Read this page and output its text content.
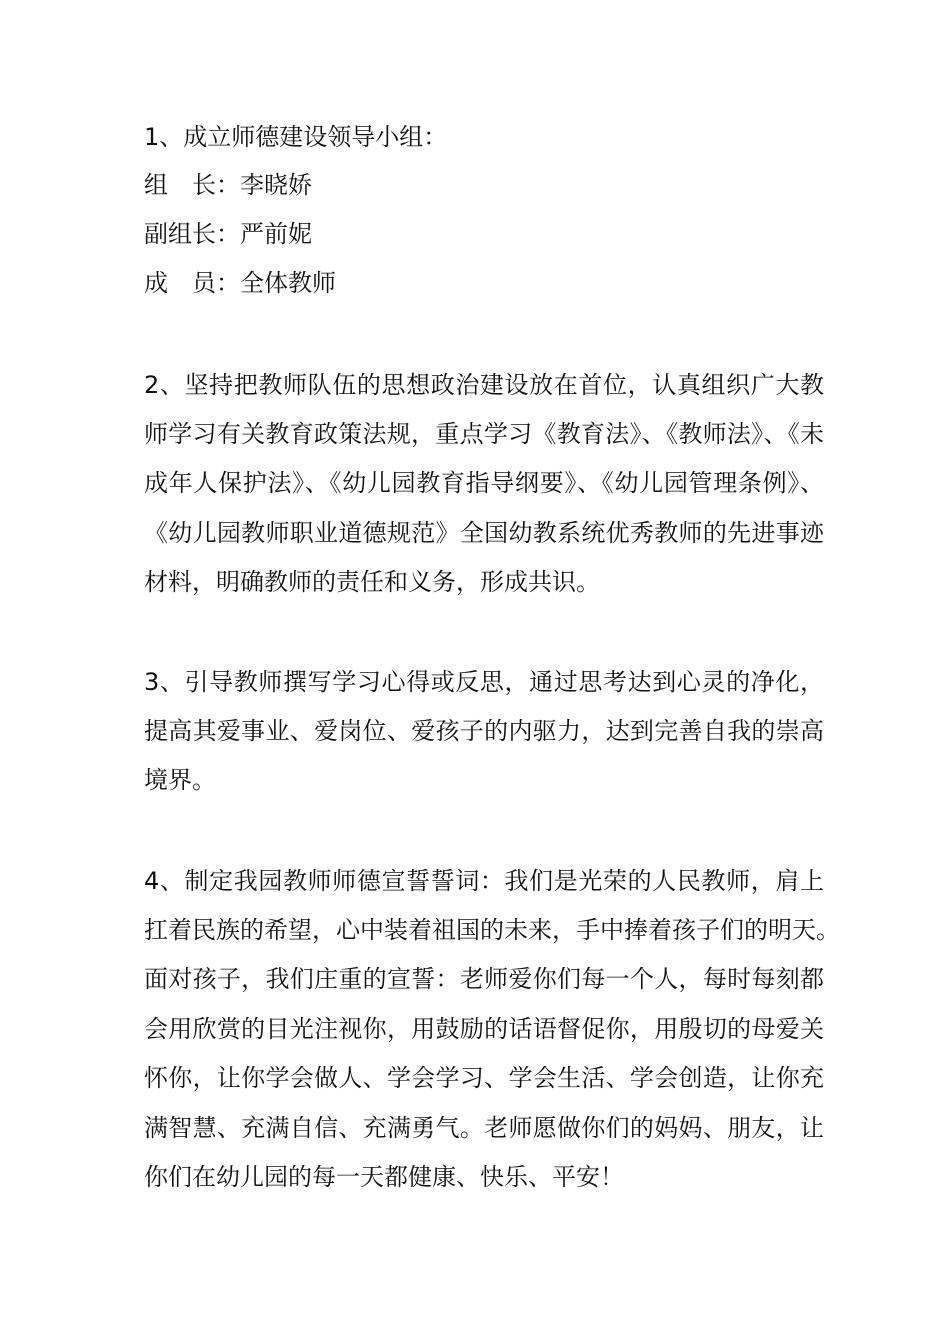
1、成立师德建设领导小组：
组　长：李晓娇
副组长：严前妮
成　员：全体教师
2、坚持把教师队伍的思想政治建设放在首位，认真组织广大教
师学习有关教育政策法规，重点学习《教育法》、《教师法》、《未
成年人保护法》、《幼儿园教育指导纲要》、《幼儿园管理条例》、
《幼儿园教师职业道德规范》全国幼教系统优秀教师的先进事迹
材料，明确教师的责任和义务，形成共识。
3、引导教师撰写学习心得或反思，通过思考达到心灵的净化，
提高其爱事业、爱岗位、爱孩子的内驱力，达到完善自我的崇高
境界。
4、制定我园教师师德宣誓誓词：我们是光荣的人民教师，肩上
扛着民族的希望，心中装着祖国的未来，手中捧着孩子们的明天。
面对孩子，我们庄重的宣誓：老师爱你们每一个人，每时每刻都
会用欣赏的目光注视你，用鼓励的话语督促你，用殷切的母爱关
怀你，让你学会做人、学会学习、学会生活、学会创造，让你充
满智慧、充满自信、充满勇气。老师愿做你们的妈妈、朋友，让
你们在幼儿园的每一天都健康、快乐、平安！
